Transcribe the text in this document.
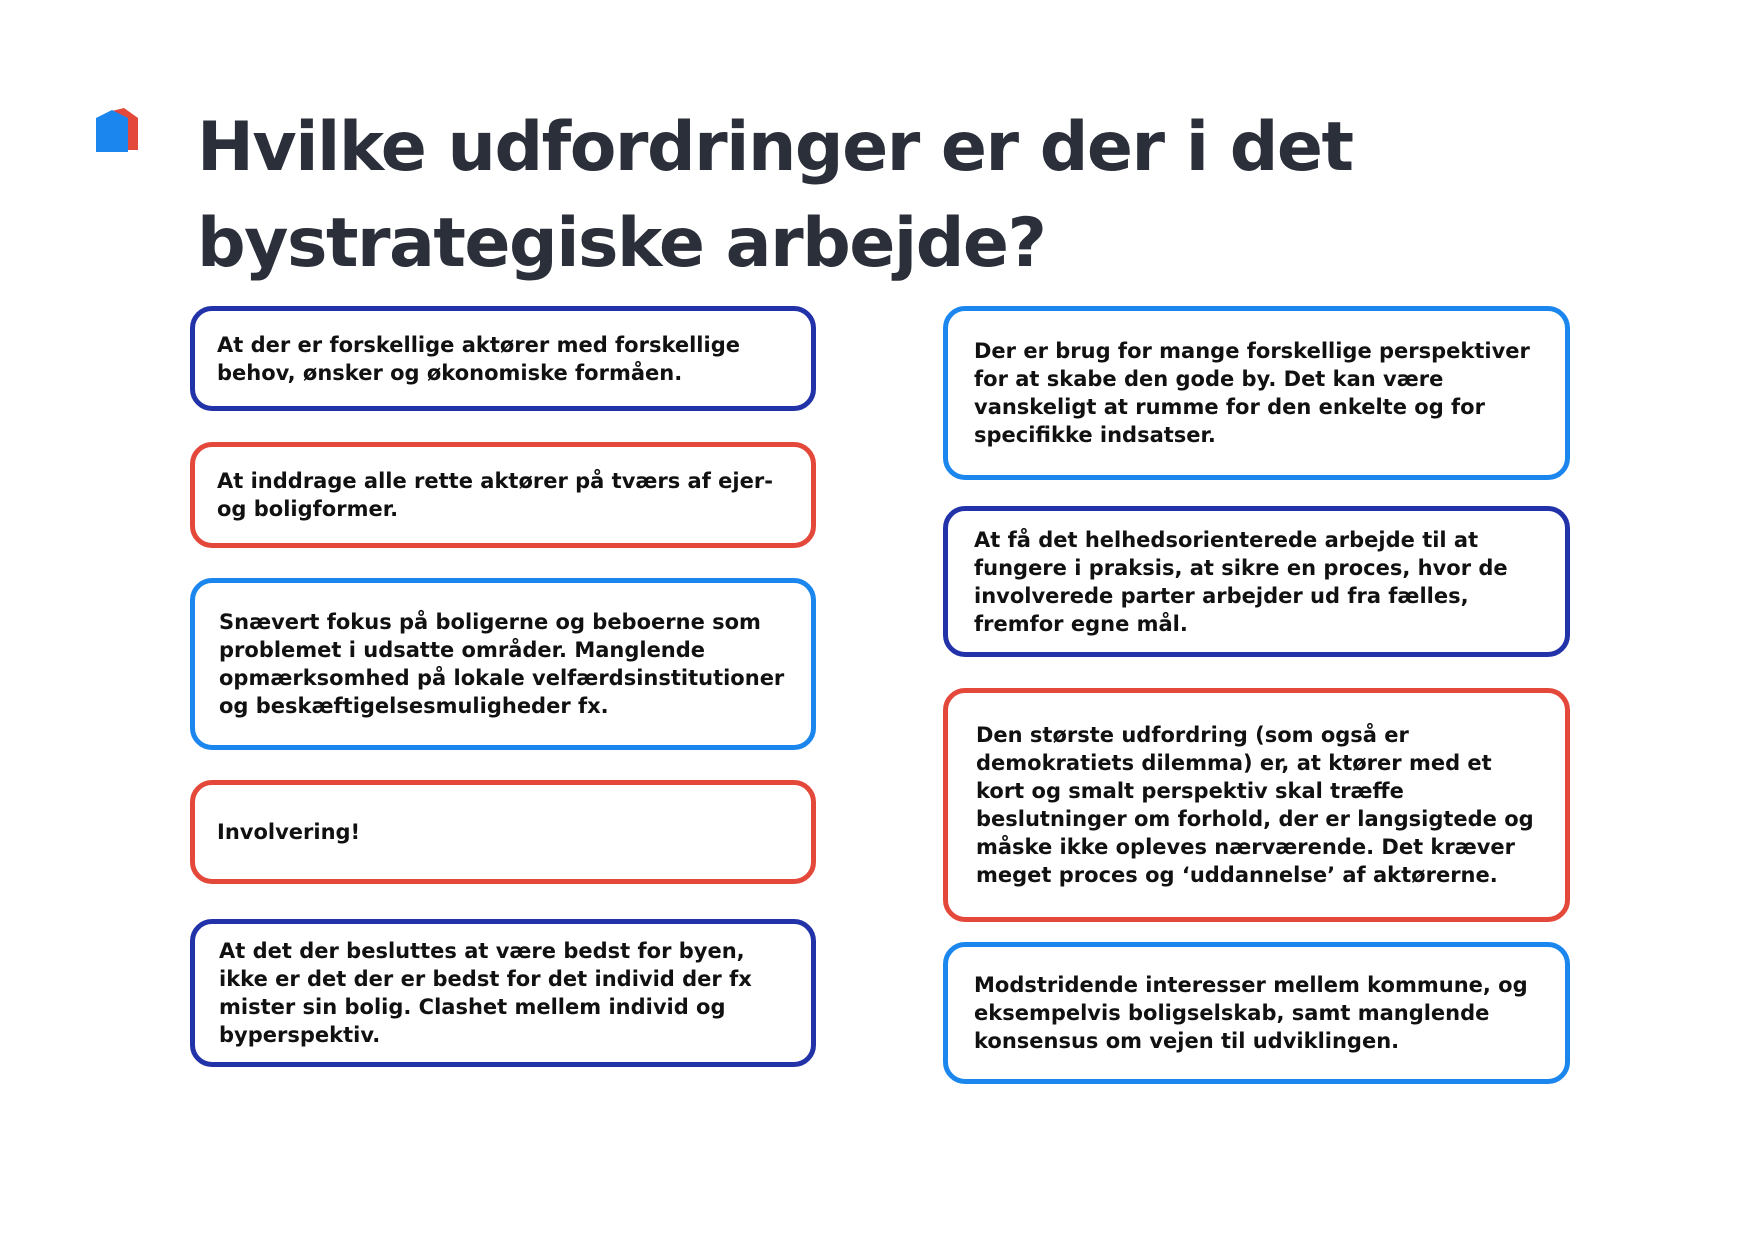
Hvilke udfordringer er der i det bystrategiske arbejde?

At der er forskellige aktører med forskellige behov, ønsker og økonomiske formåen.

At inddrage alle rette aktører på tværs af ejer- og boligformer.

Snævert fokus på boligerne og beboerne som problemet i udsatte områder. Manglende opmærksomhed på lokale velfærdsinstitutioner og beskæftigelsesmuligheder fx.

Involvering!

At det der besluttes at være bedst for byen, ikke er det der er bedst for det individ der fx mister sin bolig. Clashet mellem individ og byperspektiv.

Der er brug for mange forskellige perspektiver for at skabe den gode by. Det kan være vanskeligt at rumme for den enkelte og for specifikke indsatser.

At få det helhedsorienterede arbejde til at fungere i praksis, at sikre en proces, hvor de involverede parter arbejder ud fra fælles, fremfor egne mål.

Den største udfordring (som også er demokratiets dilemma) er, at ktører med et kort og smalt perspektiv skal træffe beslutninger om forhold, der er langsigtede og måske ikke opleves nærværende. Det kræver meget proces og ‘uddannelse’ af aktørerne.

Modstridende interesser mellem kommune, og eksempelvis boligselskab, samt manglende konsensus om vejen til udviklingen.
